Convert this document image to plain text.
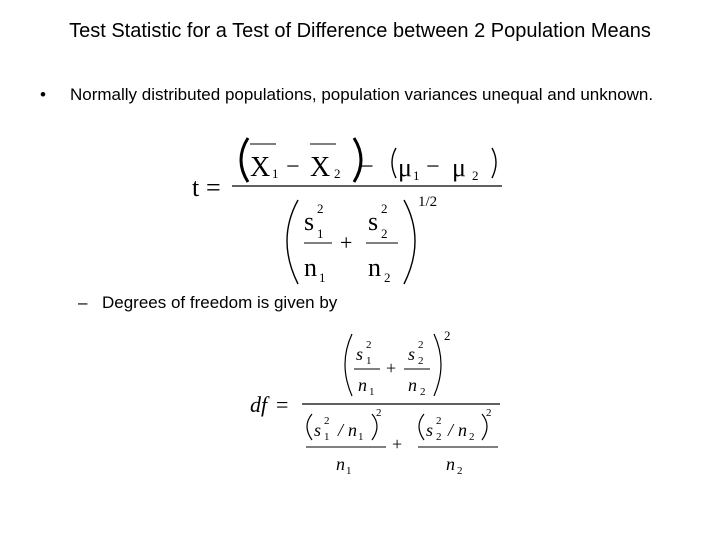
Test Statistic for a Test of Difference between 2 Population Means
• Normally distributed populations, population variances unequal and unknown.
t =
X 1 − X 2 − μ 1 − μ 2
1/2
s 2
1
n 1
+
s 2
2
n 2
– Degrees of freedom is given by
df =
2
s 2
1
n 1
+
s 2
2
n 2
s 2
1 / n 1
2
n 1
+
s 2
2 / n 2
2
n 2
